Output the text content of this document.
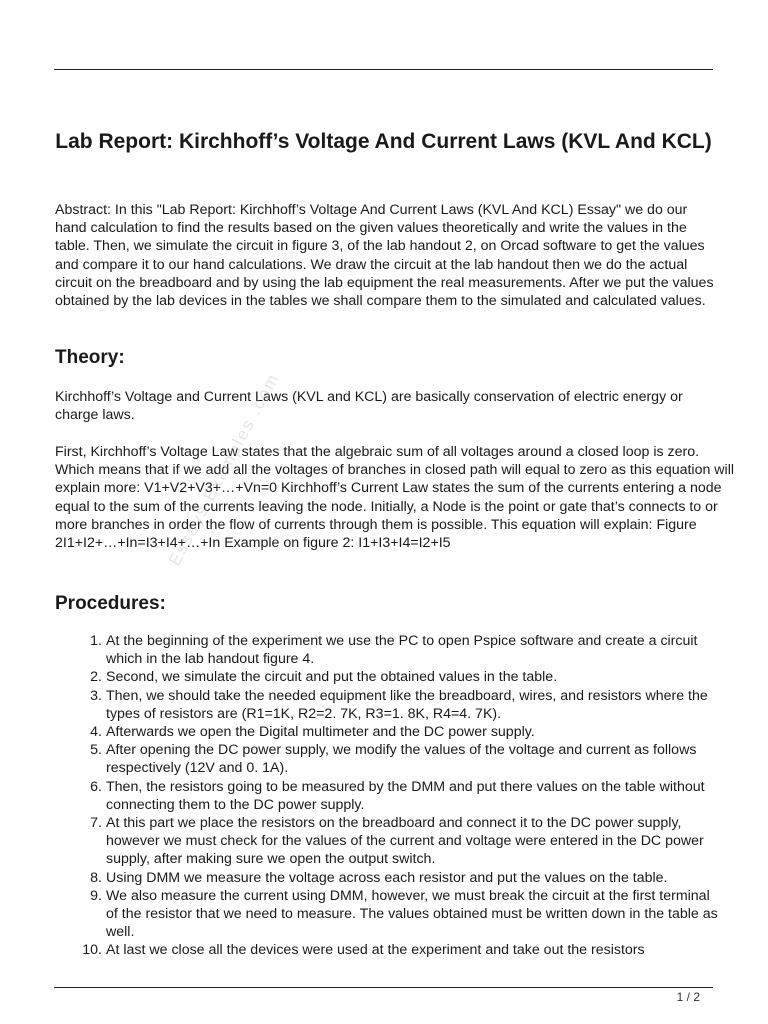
Lab Report: Kirchhoff’s Voltage And Current Laws (KVL And KCL)

Abstract: In this "Lab Report: Kirchhoff’s Voltage And Current Laws (KVL And KCL) Essay" we do our hand calculation to find the results based on the given values theoretically and write the values in the table. Then, we simulate the circuit in figure 3, of the lab handout 2, on Orcad software to get the values and compare it to our hand calculations. We draw the circuit at the lab handout then we do the actual circuit on the breadboard and by using the lab equipment the real measurements. After we put the values obtained by the lab devices in the tables we shall compare them to the simulated and calculated values.

Theory:

Kirchhoff’s Voltage and Current Laws (KVL and KCL) are basically conservation of electric energy or charge laws.

First, Kirchhoff’s Voltage Law states that the algebraic sum of all voltages around a closed loop is zero. Which means that if we add all the voltages of branches in closed path will equal to zero as this equation will explain more: V1+V2+V3+…+Vn=0 Kirchhoff’s Current Law states the sum of the currents entering a node equal to the sum of the currents leaving the node. Initially, a Node is the point or gate that’s connects to or more branches in order the flow of currents through them is possible. This equation will explain: Figure 2I1+I2+…+In=I3+I4+…+In Example on figure 2: I1+I3+I4=I2+I5

Essays Examples .com
Procedures:
1. At the beginning of the experiment we use the PC to open Pspice software and create a circuit which in the lab handout figure 4.
2. Second, we simulate the circuit and put the obtained values in the table.
3. Then, we should take the needed equipment like the breadboard, wires, and resistors where the types of resistors are (R1=1K, R2=2. 7K, R3=1. 8K, R4=4. 7K).
4. Afterwards we open the Digital multimeter and the DC power supply.
5. After opening the DC power supply, we modify the values of the voltage and current as follows respectively (12V and 0. 1A).
6. Then, the resistors going to be measured by the DMM and put there values on the table without connecting them to the DC power supply.
7. At this part we place the resistors on the breadboard and connect it to the DC power supply, however we must check for the values of the current and voltage were entered in the DC power supply, after making sure we open the output switch.
8. Using DMM we measure the voltage across each resistor and put the values on the table.
9. We also measure the current using DMM, however, we must break the circuit at the first terminal of the resistor that we need to measure. The values obtained must be written down in the table as well.
10. At last we close all the devices were used at the experiment and take out the resistors
1 / 2
